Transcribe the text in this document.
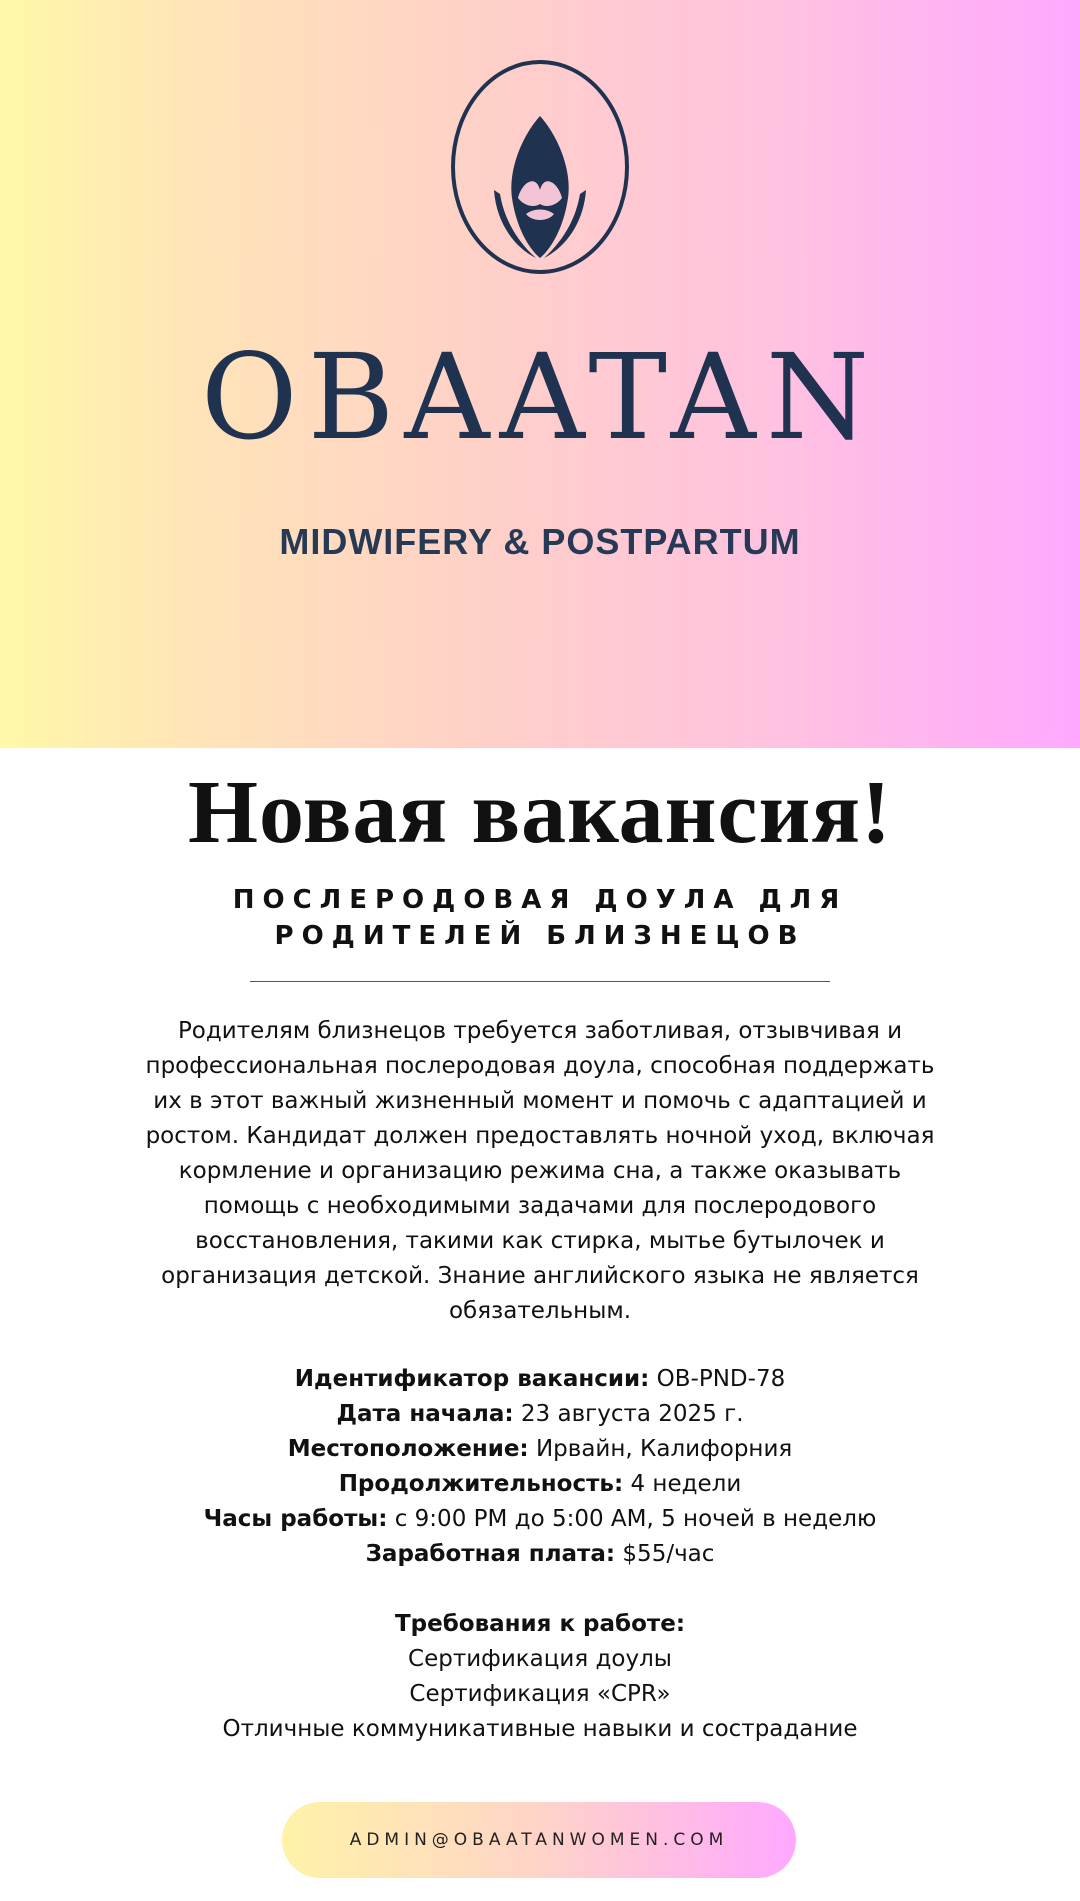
OBAATAN
MIDWIFERY & POSTPARTUM
Новая вакансия!
ПОСЛЕРОДОВАЯ ДОУЛА ДЛЯ РОДИТЕЛЕЙ БЛИЗНЕЦОВ
Родителям близнецов требуется заботливая, отзывчивая и профессиональная послеродовая доула, способная поддержать их в этот важный жизненный момент и помочь с адаптацией и ростом. Кандидат должен предоставлять ночной уход, включая кормление и организацию режима сна, а также оказывать помощь с необходимыми задачами для послеродового восстановления, такими как стирка, мытье бутылочек и организация детской. Знание английского языка не является обязательным.
Идентификатор вакансии: OB-PND-78
Дата начала: 23 августа 2025 г.
Местоположение: Ирвайн, Калифорния
Продолжительность: 4 недели
Часы работы: с 9:00 PM до 5:00 AM, 5 ночей в неделю
Заработная плата: $55/час
Требования к работе:
Сертификация доулы
Сертификация «CPR»
Отличные коммуникативные навыки и сострадание
ADMIN@OBAATANWOMEN.COM
